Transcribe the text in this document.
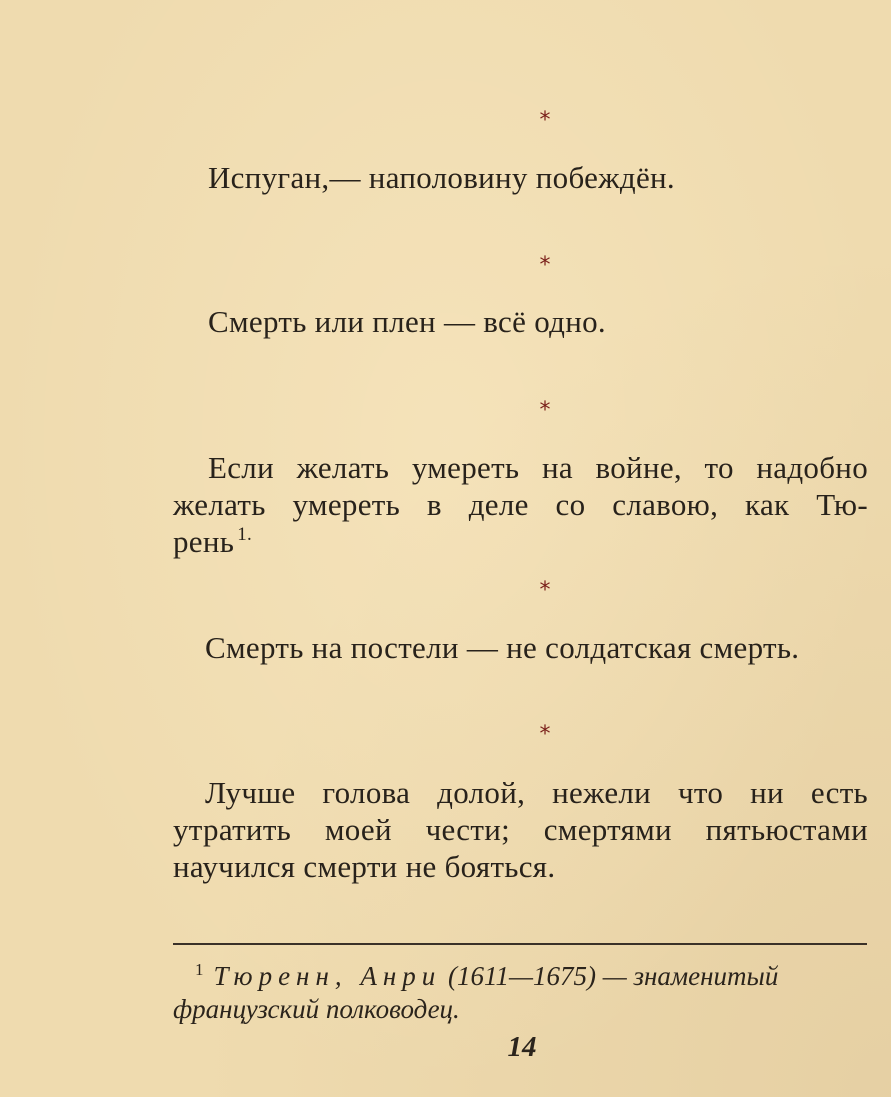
*
Испуган,— наполовину побеждён.
*
Смерть или плен — всё одно.
*
Если желать умереть на войне, то надобно
желать умереть в деле со славою, как Тю-
рень $^{1.}$
*
Смерть на постели — не солдатская смерть.
*
Лучше голова долой, нежели что ни есть
утратить моей чести; смертями пятьюстами
научился смерти не бояться.
$^1$ Тюренн, Анри (1611—1675) — знаменитый
французский полководец.
14
